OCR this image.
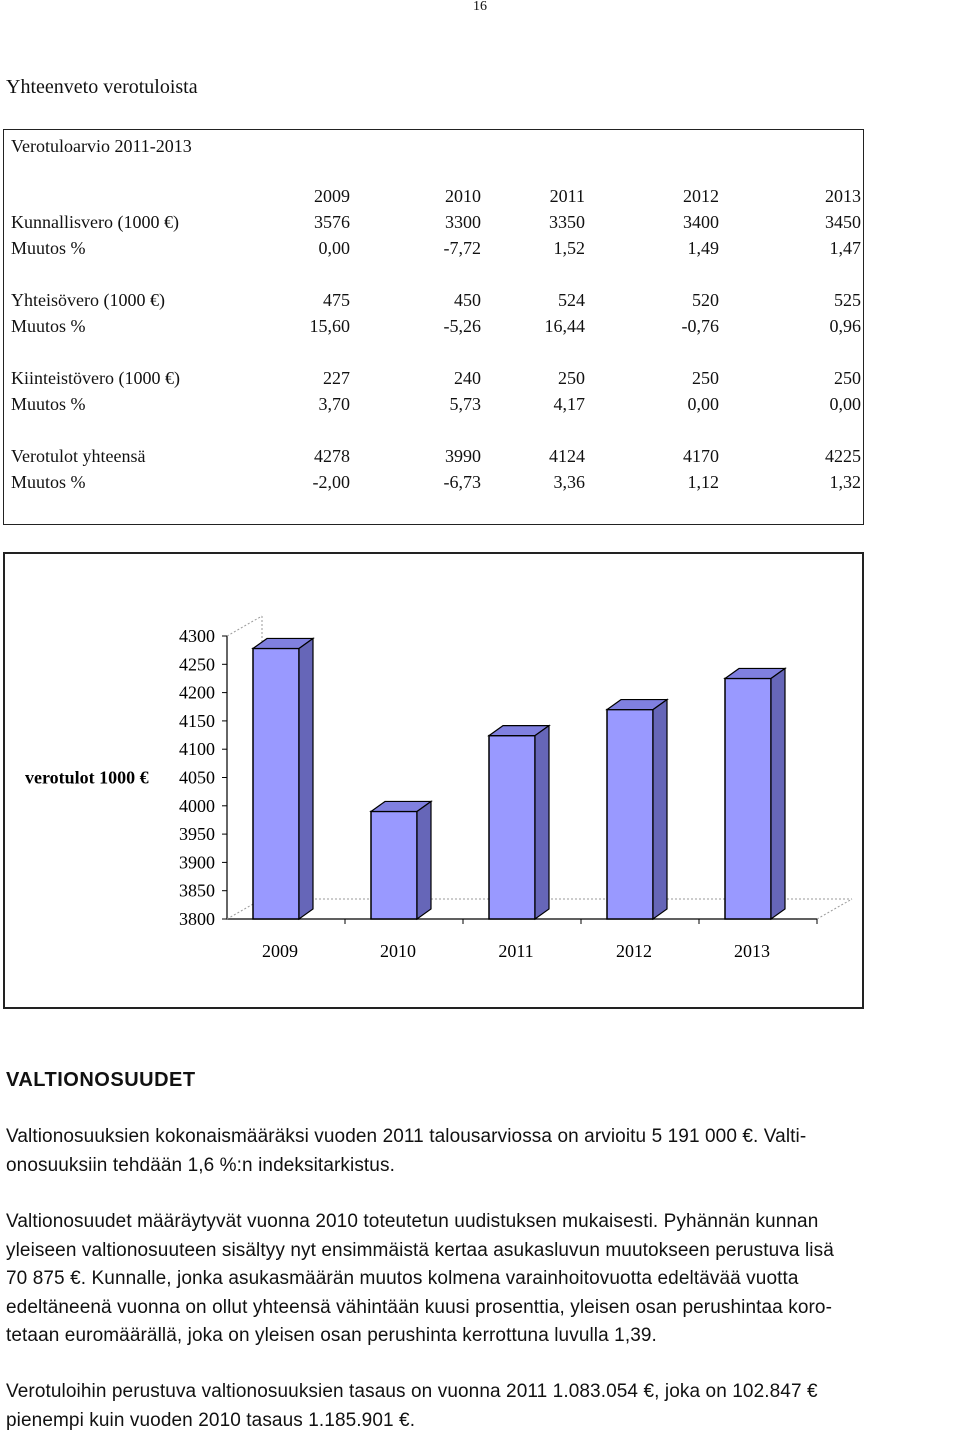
16
Yhteenveto verotuloista
Verotuloarvio 2011-2013
2009	2010	2011	2012	2013
Kunnallisvero (1000 €)	3576	3300	3350	3400	3450
Muutos %	0,00	-7,72	1,52	1,49	1,47
Yhteisövero (1000 €)	475	450	524	520	525
Muutos %	15,60	-5,26	16,44	-0,76	0,96
Kiinteistövero (1000 €)	227	240	250	250	250
Muutos %	3,70	5,73	4,17	0,00	0,00
Verotulot yhteensä	4278	3990	4124	4170	4225
Muutos %	-2,00	-6,73	3,36	1,12	1,32
3800
3850
3900
3950
4000
4050
4100
4150
4200
4250
4300
verotulot 1000 €
2009	2010	2011	2012	2013
VALTIONOSUUDET
Valtionosuuksien kokonaismääräksi vuoden 2011 talousarviossa on arvioitu 5 191 000 €. Valti-
onosuuksiin tehdään 1,6 %:n indeksitarkistus.
Valtionosuudet määräytyvät vuonna 2010 toteutetun uudistuksen mukaisesti. Pyhännän kunnan
yleiseen valtionosuuteen sisältyy nyt ensimmäistä kertaa asukasluvun muutokseen perustuva lisä
70 875 €. Kunnalle, jonka asukasmäärän muutos kolmena varainhoitovuotta edeltävää vuotta
edeltäneenä vuonna on ollut yhteensä vähintään kuusi prosenttia, yleisen osan perushintaa koro-
tetaan euromäärällä, joka on yleisen osan perushinta kerrottuna luvulla 1,39.
Verotuloihin perustuva valtionosuuksien tasaus on vuonna 2011 1.083.054 €, joka on 102.847 €
pienempi kuin vuoden 2010 tasaus 1.185.901 €.
